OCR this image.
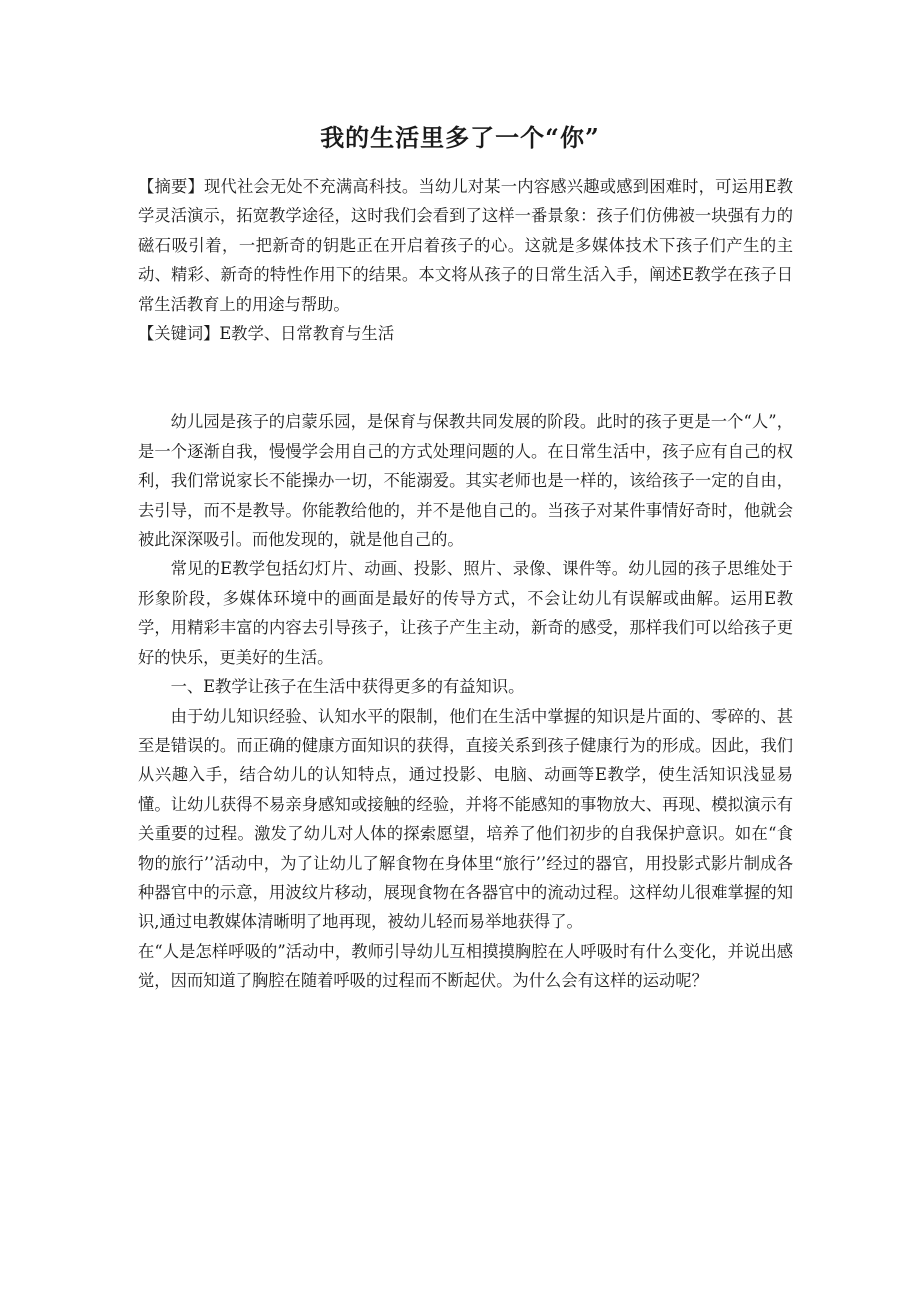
我的生活里多了一个“你”

【摘要】现代社会无处不充满高科技。当幼儿对某一内容感兴趣或感到困难时，可运用E教学灵活演示，拓宽教学途径，这时我们会看到了这样一番景象：孩子们仿佛被一块强有力的磁石吸引着，一把新奇的钥匙正在开启着孩子的心。这就是多媒体技术下孩子们产生的主动、精彩、新奇的特性作用下的结果。本文将从孩子的日常生活入手，阐述E教学在孩子日常生活教育上的用途与帮助。

【关键词】E教学、日常教育与生活

幼儿园是孩子的启蒙乐园，是保育与保教共同发展的阶段。此时的孩子更是一个“人”，是一个逐渐自我，慢慢学会用自己的方式处理问题的人。在日常生活中，孩子应有自己的权利，我们常说家长不能操办一切，不能溺爱。其实老师也是一样的，该给孩子一定的自由，去引导，而不是教导。你能教给他的，并不是他自己的。当孩子对某件事情好奇时，他就会被此深深吸引。而他发现的，就是他自己的。

常见的E教学包括幻灯片、动画、投影、照片、录像、课件等。幼儿园的孩子思维处于形象阶段，多媒体环境中的画面是最好的传导方式，不会让幼儿有误解或曲解。运用E教学，用精彩丰富的内容去引导孩子，让孩子产生主动，新奇的感受，那样我们可以给孩子更好的快乐，更美好的生活。

一、E教学让孩子在生活中获得更多的有益知识。

由于幼儿知识经验、认知水平的限制，他们在生活中掌握的知识是片面的、零碎的、甚至是错误的。而正确的健康方面知识的获得，直接关系到孩子健康行为的形成。因此，我们从兴趣入手，结合幼儿的认知特点，通过投影、电脑、动画等E教学，使生活知识浅显易懂。让幼儿获得不易亲身感知或接触的经验，并将不能感知的事物放大、再现、模拟演示有关重要的过程。激发了幼儿对人体的探索愿望，培养了他们初步的自我保护意识。如在“食物的旅行’’活动中，为了让幼儿了解食物在身体里“旅行’’经过的器官，用投影式影片制成各种器官中的示意，用波纹片移动，展现食物在各器官中的流动过程。这样幼儿很难掌握的知识,通过电教媒体清晰明了地再现，被幼儿轻而易举地获得了。

在“人是怎样呼吸的”活动中，教师引导幼儿互相摸摸胸腔在人呼吸时有什么变化，并说出感觉，因而知道了胸腔在随着呼吸的过程而不断起伏。为什么会有这样的运动呢？
